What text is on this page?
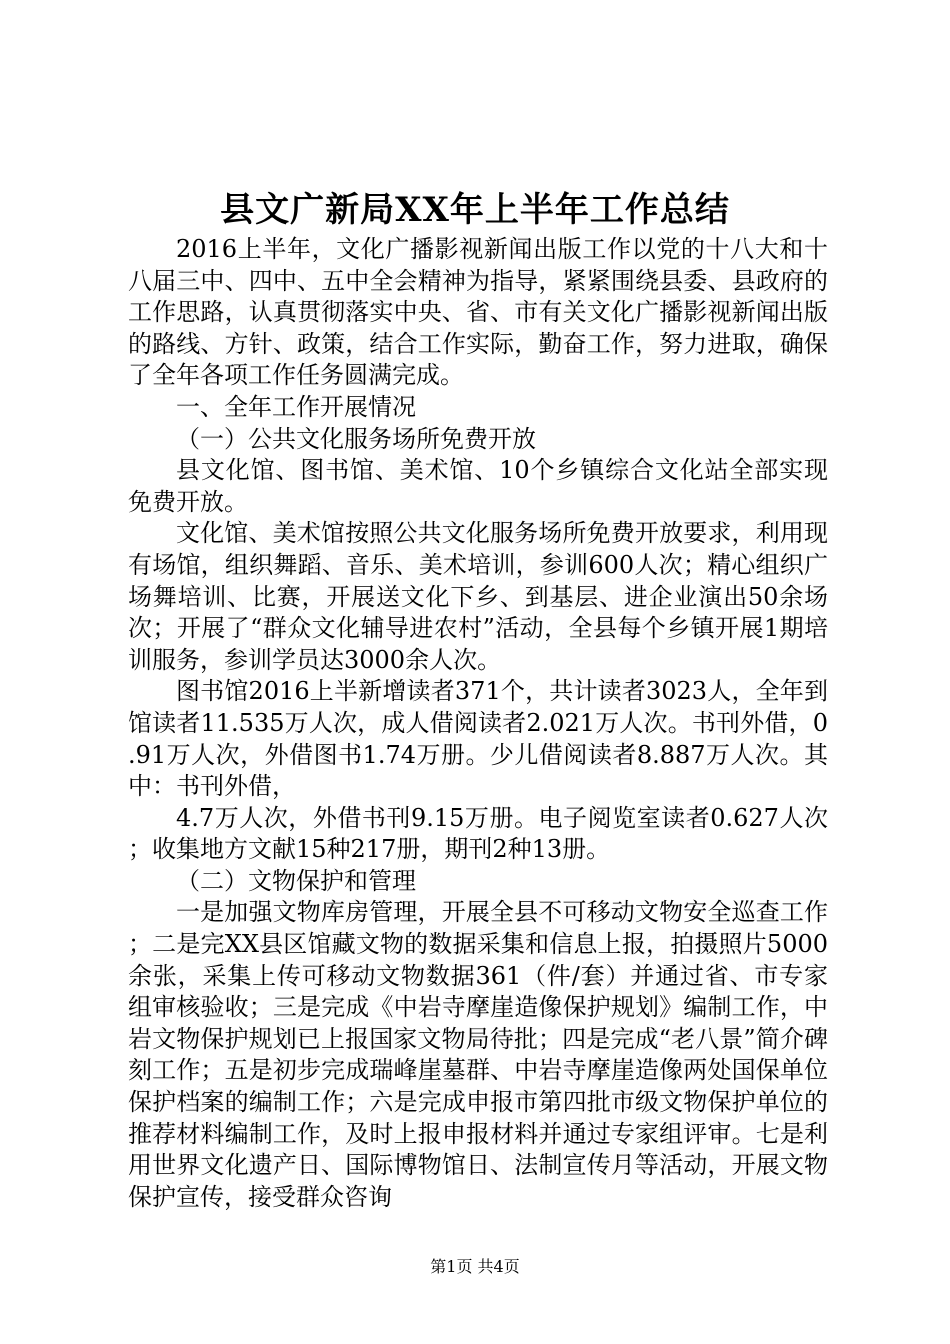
县文广新局XX年上半年工作总结

2016上半年，文化广播影视新闻出版工作以党的十八大和十八届三中、四中、五中全会精神为指导，紧紧围绕县委、县政府的工作思路，认真贯彻落实中央、省、市有关文化广播影视新闻出版的路线、方针、政策，结合工作实际，勤奋工作，努力进取，确保了全年各项工作任务圆满完成。

一、全年工作开展情况

（一）公共文化服务场所免费开放

县文化馆、图书馆、美术馆、10个乡镇综合文化站全部实现免费开放。

文化馆、美术馆按照公共文化服务场所免费开放要求，利用现有场馆，组织舞蹈、音乐、美术培训，参训600人次；精心组织广场舞培训、比赛，开展送文化下乡、到基层、进企业演出50余场次；开展了“群众文化辅导进农村”活动，全县每个乡镇开展1期培训服务，参训学员达3000余人次。

图书馆2016上半新增读者371个，共计读者3023人，全年到馆读者11.535万人次，成人借阅读者2.021万人次。书刊外借，0.91万人次，外借图书1.74万册。少儿借阅读者8.887万人次。其中：书刊外借，

4.7万人次，外借书刊9.15万册。电子阅览室读者0.627人次；收集地方文献15种217册，期刊2种13册。

（二）文物保护和管理

一是加强文物库房管理，开展全县不可移动文物安全巡查工作；二是完XX县区馆藏文物的数据采集和信息上报，拍摄照片5000余张，采集上传可移动文物数据361（件/套）并通过省、市专家组审核验收；三是完成《中岩寺摩崖造像保护规划》编制工作，中岩文物保护规划已上报国家文物局待批；四是完成“老八景”简介碑刻工作；五是初步完成瑞峰崖墓群、中岩寺摩崖造像两处国保单位保护档案的编制工作；六是完成申报市第四批市级文物保护单位的推荐材料编制工作，及时上报申报材料并通过专家组评审。七是利用世界文化遗产日、国际博物馆日、法制宣传月等活动，开展文物保护宣传，接受群众咨询

第1页 共4页
